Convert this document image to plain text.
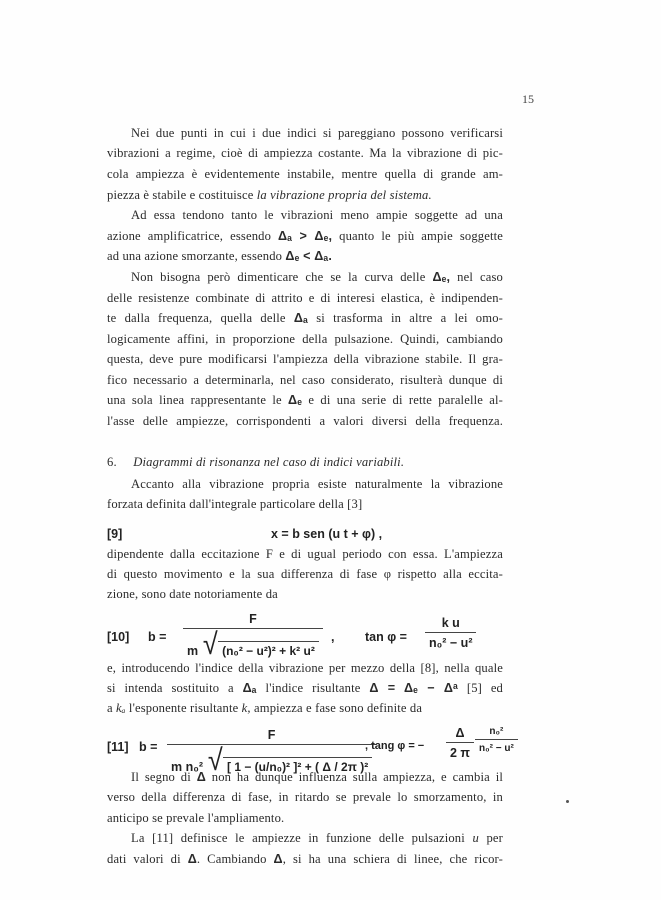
15
Nei due punti in cui i due indici si pareggiano possono verificarsi
vibrazioni a regime, cioè di ampiezza costante. Ma la vibrazione di pic-
cola ampiezza è evidentemente instabile, mentre quella di grande am-
piezza è stabile e costituisce la vibrazione propria del sistema.
Ad essa tendono tanto le vibrazioni meno ampie soggette ad una
azione amplificatrice, essendo Δₐ > Δₑ, quanto le più ampie soggette
ad una azione smorzante, essendo Δₑ < Δₐ.
Non bisogna però dimenticare che se la curva delle Δₑ, nel caso
delle resistenze combinate di attrito e di interesi elastica, è indipenden-
te dalla frequenza, quella delle Δₐ si trasforma in altre a lei omo-
logicamente affini, in proporzione della pulsazione. Quindi, cambiando
questa, deve pure modificarsi l'ampiezza della vibrazione stabile. Il gra-
fico necessario a determinarla, nel caso considerato, risulterà dunque di
una sola linea rappresentante le Δₑ e di una serie di rette paralelle al-
l'asse delle ampiezze, corrispondenti a valori diversi della frequenza.
Accanto alla vibrazione propria esiste naturalmente la vibrazione
forzata definita dall'integrale particolare della [3]
dipendente dalla eccitazione F e di ugual periodo con essa. L'ampiezza
di questo movimento e la sua differenza di fase φ rispetto alla eccita-
zione, sono date notoriamente da
e, introducendo l'indice della vibrazione per mezzo della [8], nella quale
si intenda sostituito a Δₐ l'indice risultante Δ = Δₑ − Δᵃ [5] ed
a kₐ l'esponente risultante k, ampiezza e fase sono definite da
Il segno di Δ non ha dunque influenza sulla ampiezza, e cambia il
verso della differenza di fase, in ritardo se prevale lo smorzamento, in
anticipo se prevale l'ampliamento.
La [11] definisce le ampiezze in funzione delle pulsazioni u per
dati valori di Δ. Cambiando Δ, si ha una schiera di linee, che ricor-
6. Diagrammi di risonanza nel caso di indici variabili.
[9]	x = b sen (u t + φ) ,
[10] b =	F
m
√ (n₀² − u²)² + k² u² , tan φ =	$\frac{\text{k u}}{\text{n₀² − u²}}$
[11] b =	F
m n₀²
√ [ 1 − (u/n₀)² ]² + ( Δ / 2π )²
, tang φ = −	$\frac{\Delta}{2 \pi} \frac{\text{n₀²}}{\text{n₀² − u²}}$
